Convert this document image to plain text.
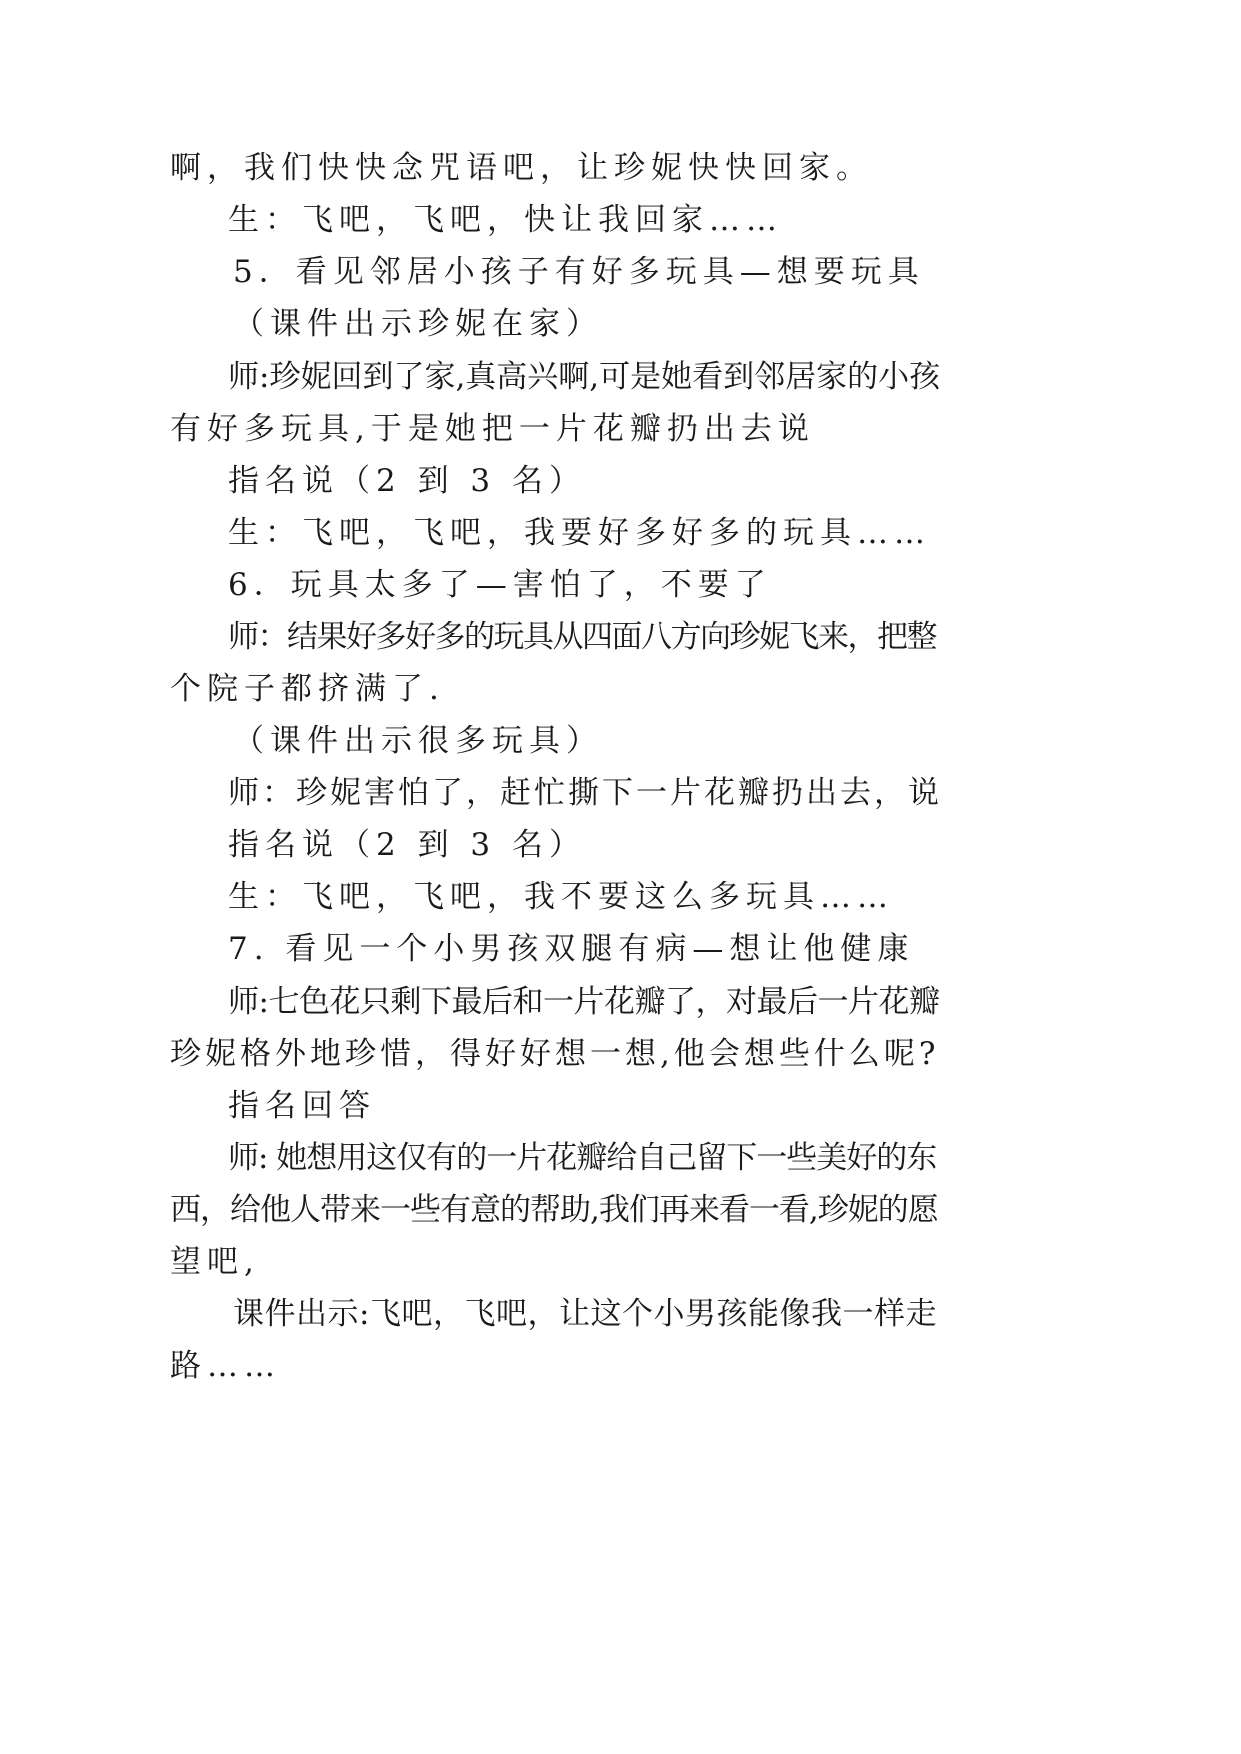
啊，我们快快念咒语吧，让珍妮快快回家。
生：飞吧，飞吧，快让我回家……
5．看见邻居小孩子有好多玩具—想要玩具
（课件出示珍妮在家）
师:珍妮回到了家,真高兴啊,可是她看到邻居家的小孩
有好多玩具,于是她把一片花瓣扔出去说
指名说（2 到 3 名）
生：飞吧，飞吧，我要好多好多的玩具……
6．玩具太多了—害怕了，不要了
师：结果好多好多的玩具从四面八方向珍妮飞来，把整
个院子都挤满了.
（课件出示很多玩具）
师：珍妮害怕了，赶忙撕下一片花瓣扔出去，说
指名说（2 到 3 名）
生：飞吧，飞吧，我不要这么多玩具……
7. 看见一个小男孩双腿有病—想让他健康
师:七色花只剩下最后和一片花瓣了，对最后一片花瓣
珍妮格外地珍惜，得好好想一想,他会想些什么呢?
指名回答
师: 她想用这仅有的一片花瓣给自己留下一些美好的东
西，给他人带来一些有意的帮助,我们再来看一看,珍妮的愿
望吧,
课件出示:飞吧，飞吧，让这个小男孩能像我一样走
路……
